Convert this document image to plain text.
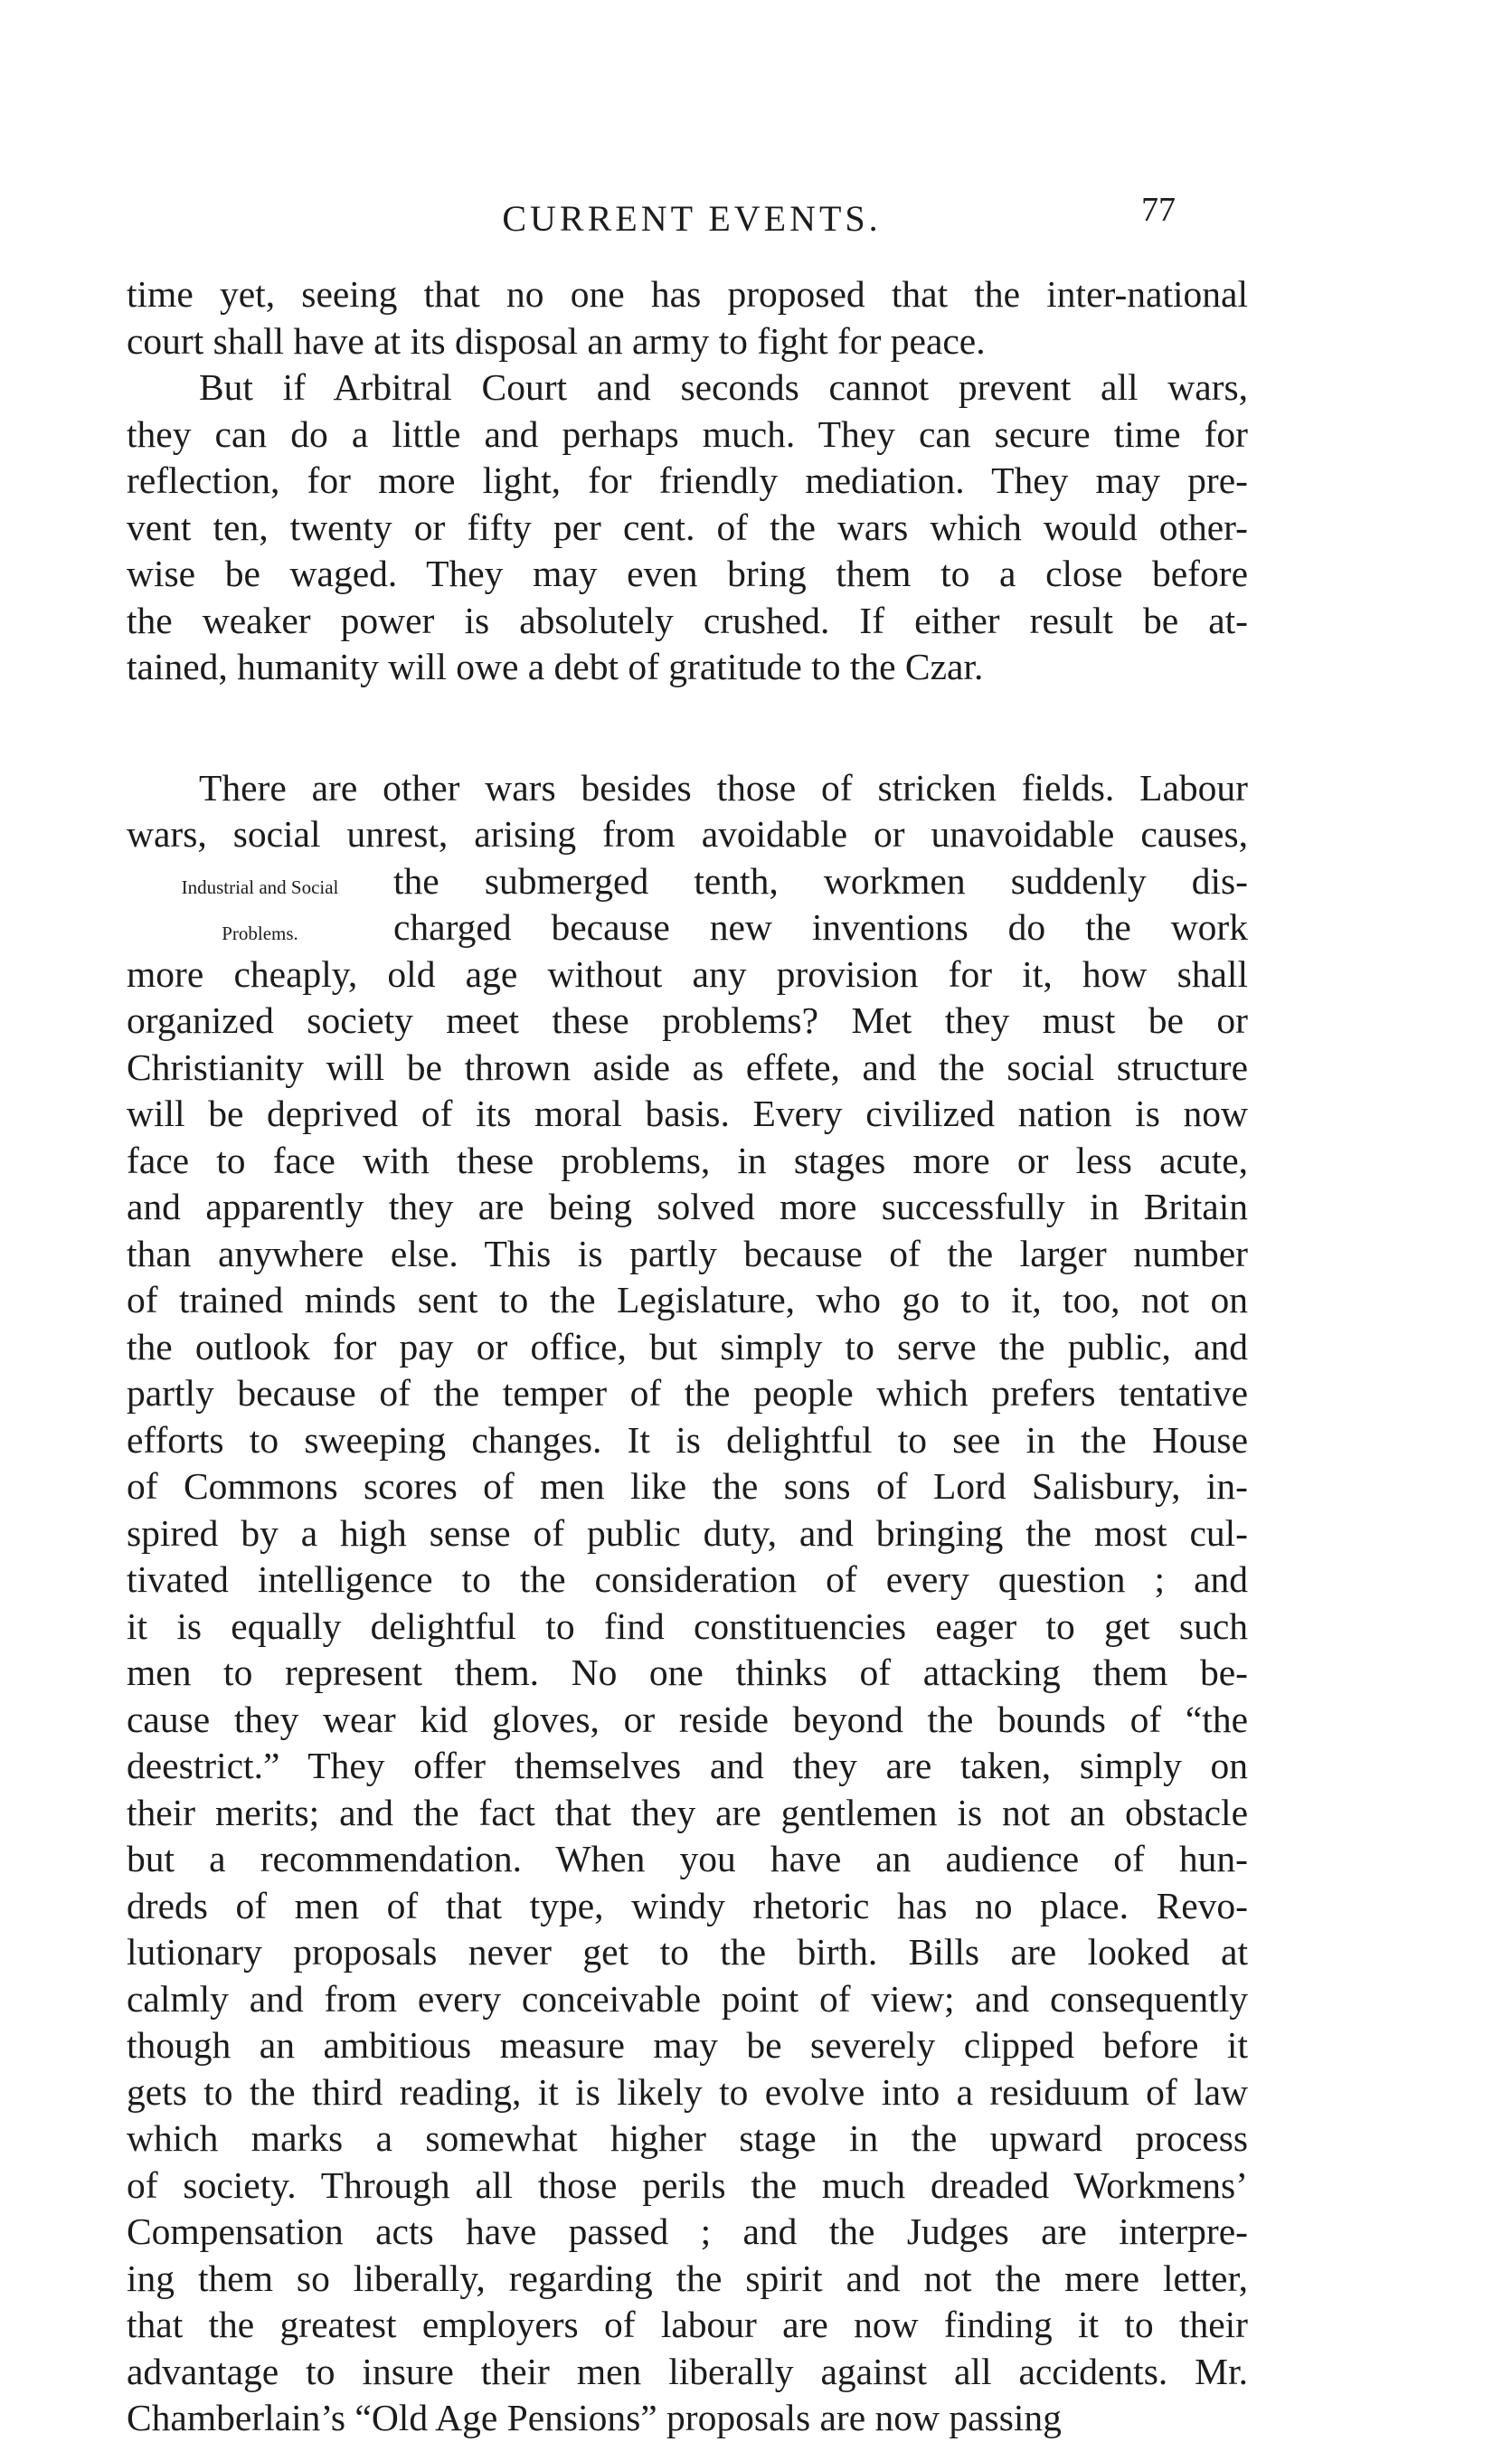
CURRENT EVENTS.	77
time yet, seeing that no one has proposed that the inter-national
court shall have at its disposal an army to fight for peace.
But if Arbitral Court and seconds cannot prevent all wars,
they can do a little and perhaps much. They can secure time for
reflection, for more light, for friendly mediation. They may pre-
vent ten, twenty or fifty per cent. of the wars which would other-
wise be waged. They may even bring them to a close before
the weaker power is absolutely crushed. If either result be at-
tained, humanity will owe a debt of gratitude to the Czar.
There are other wars besides those of stricken fields. Labour
wars, social unrest, arising from avoidable or unavoidable causes,
Industrial and Social	the submerged tenth, workmen suddenly dis-
Problems.	charged because new inventions do the work
more cheaply, old age without any provision for it, how shall
organized society meet these problems? Met they must be or
Christianity will be thrown aside as effete, and the social structure
will be deprived of its moral basis. Every civilized nation is now
face to face with these problems, in stages more or less acute,
and apparently they are being solved more successfully in Britain
than anywhere else. This is partly because of the larger number
of trained minds sent to the Legislature, who go to it, too, not on
the outlook for pay or office, but simply to serve the public, and
partly because of the temper of the people which prefers tentative
efforts to sweeping changes. It is delightful to see in the House
of Commons scores of men like the sons of Lord Salisbury, in-
spired by a high sense of public duty, and bringing the most cul-
tivated intelligence to the consideration of every question ; and
it is equally delightful to find constituencies eager to get such
men to represent them. No one thinks of attacking them be-
cause they wear kid gloves, or reside beyond the bounds of “the
deestrict.” They offer themselves and they are taken, simply on
their merits; and the fact that they are gentlemen is not an obstacle
but a recommendation. When you have an audience of hun-
dreds of men of that type, windy rhetoric has no place. Revo-
lutionary proposals never get to the birth. Bills are looked at
calmly and from every conceivable point of view; and consequently
though an ambitious measure may be severely clipped before it
gets to the third reading, it is likely to evolve into a residuum of law
which marks a somewhat higher stage in the upward process
of society. Through all those perils the much dreaded Workmens’
Compensation acts have passed ; and the Judges are interpre-
ing them so liberally, regarding the spirit and not the mere letter,
that the greatest employers of labour are now finding it to their
advantage to insure their men liberally against all accidents. Mr.
Chamberlain’s “Old Age Pensions” proposals are now passing
